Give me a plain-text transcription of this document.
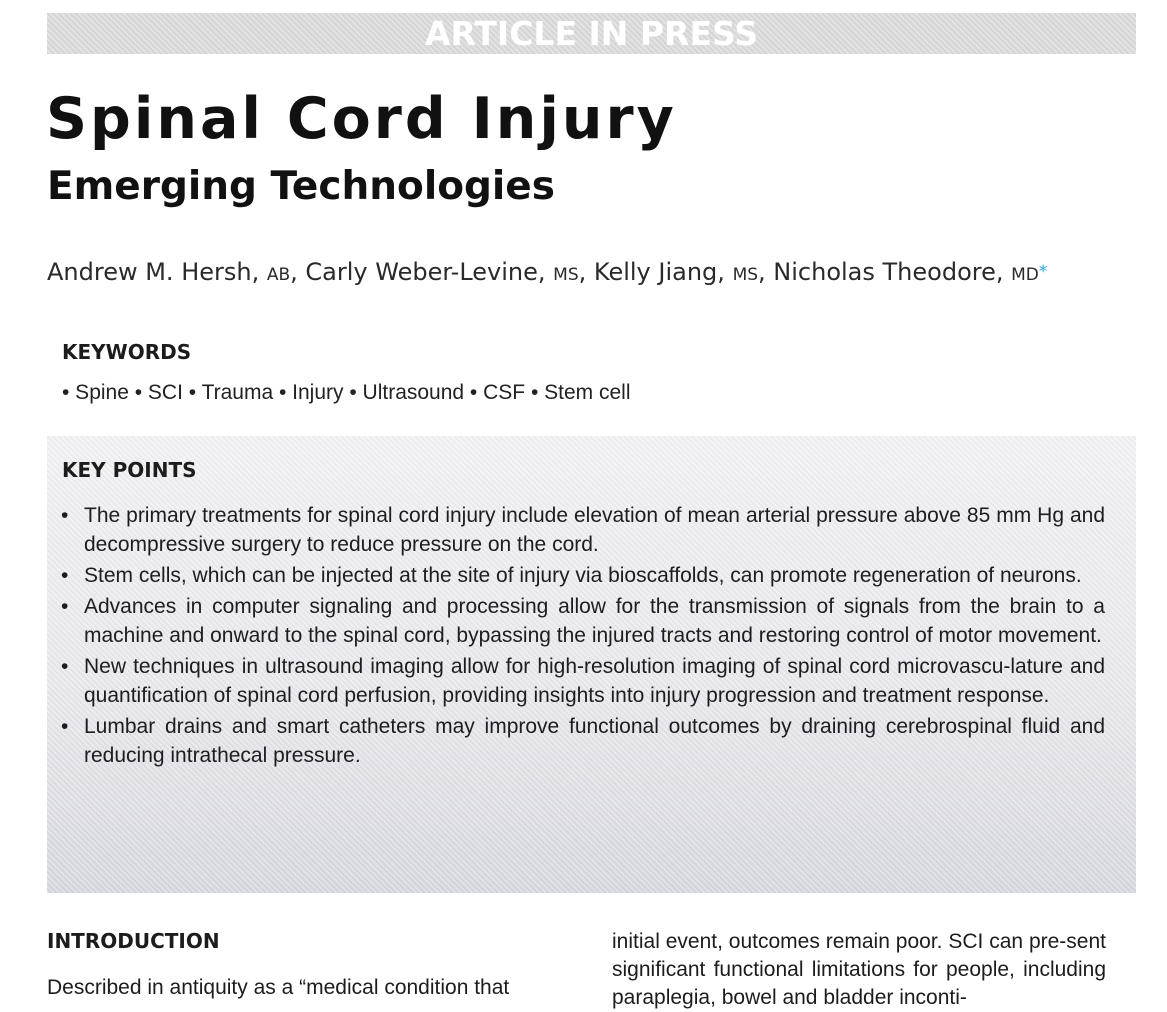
ARTICLE IN PRESS
Spinal Cord Injury
Emerging Technologies
Andrew M. Hersh, AB, Carly Weber-Levine, MS, Kelly Jiang, MS, Nicholas Theodore, MD*
KEYWORDS
• Spine • SCI • Trauma • Injury • Ultrasound • CSF • Stem cell
KEY POINTS
• The primary treatments for spinal cord injury include elevation of mean arterial pressure above 85 mm Hg and decompressive surgery to reduce pressure on the cord.
• Stem cells, which can be injected at the site of injury via bioscaffolds, can promote regeneration of neurons.
• Advances in computer signaling and processing allow for the transmission of signals from the brain to a machine and onward to the spinal cord, bypassing the injured tracts and restoring control of motor movement.
• New techniques in ultrasound imaging allow for high-resolution imaging of spinal cord microvascu-lature and quantification of spinal cord perfusion, providing insights into injury progression and treatment response.
• Lumbar drains and smart catheters may improve functional outcomes by draining cerebrospinal fluid and reducing intrathecal pressure.
INTRODUCTION
Described in antiquity as a “medical condition that
initial event, outcomes remain poor. SCI can pre-sent significant functional limitations for people, including paraplegia, bowel and bladder inconti-
